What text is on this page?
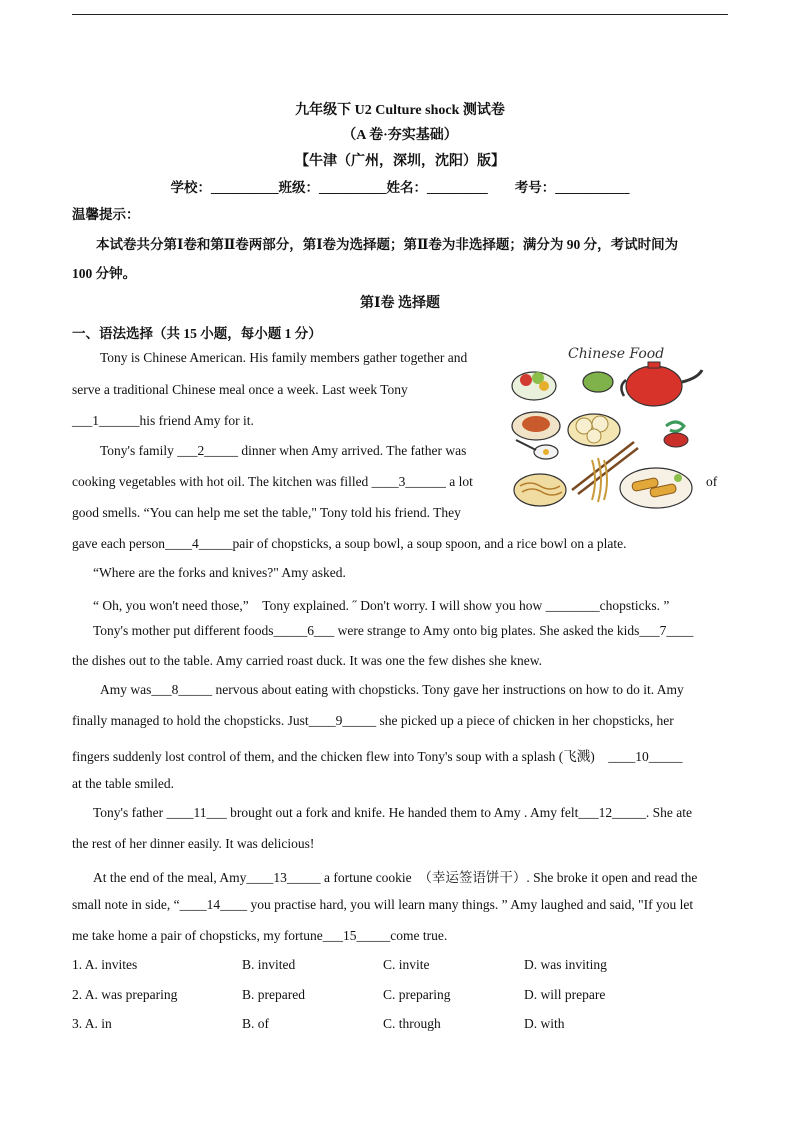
九年级下 U2 Culture shock 测试卷
（A 卷·夯实基础）
【牛津（广州，深圳，沈阳）版】
学校：__________班级：__________姓名：_________　　考号：___________
温馨提示：
本试卷共分第Ⅰ卷和第Ⅱ卷两部分，第Ⅰ卷为选择题；第Ⅱ卷为非选择题；满分为 90 分，考试时间为
100 分钟。
第Ⅰ卷 选择题
一、语法选择（共 15 小题，每小题 1 分）
Tony is Chinese American. His family members gather together and
serve a traditional Chinese meal once a week. Last week Tony
___1______his friend Amy for it.
Tony's family ___2_____ dinner when Amy arrived. The father was
cooking vegetables with hot oil. The kitchen was filled ____3______ a lot	of
good smells. “You can help me set the table," Tony told his friend. They
gave each person____4_____pair of chopsticks, a soup bowl, a soup spoon, and a rice bowl on a plate.
“Where are the forks and knives?" Amy asked.
“ Oh, you won't need those,”　Tony explained. ˝ Don't worry. I will show you how ________chopsticks. ”
Tony's mother put different foods_____6___ were strange to Amy onto big plates. She asked the kids___7____
the dishes out to the table. Amy carried roast duck. It was one the few dishes she knew.
Amy was___8_____ nervous about eating with chopsticks. Tony gave her instructions on how to do it. Amy
finally managed to hold the chopsticks. Just____9_____ she picked up a piece of chicken in her chopsticks, her
fingers suddenly lost control of them, and the chicken flew into Tony's soup with a splash (飞溅)　____10_____
at the table smiled.
Tony's father ____11___ brought out a fork and knife. He handed them to Amy . Amy felt___12_____. She ate
the rest of her dinner easily. It was delicious!
At the end of the meal, Amy____13_____ a fortune cookie　（幸运签语饼干）. She broke it open and read the
small note in side, “____14____ you practise hard, you will learn many things. ” Amy laughed and said, "If you let
me take home a pair of chopsticks, my fortune___15_____come true.
1. A. invites	B. invited	C. invite	D. was inviting
2. A. was preparing	B. prepared	C. preparing	D. will prepare
3. A. in	B. of	C. through	D. with
Chinese Food
